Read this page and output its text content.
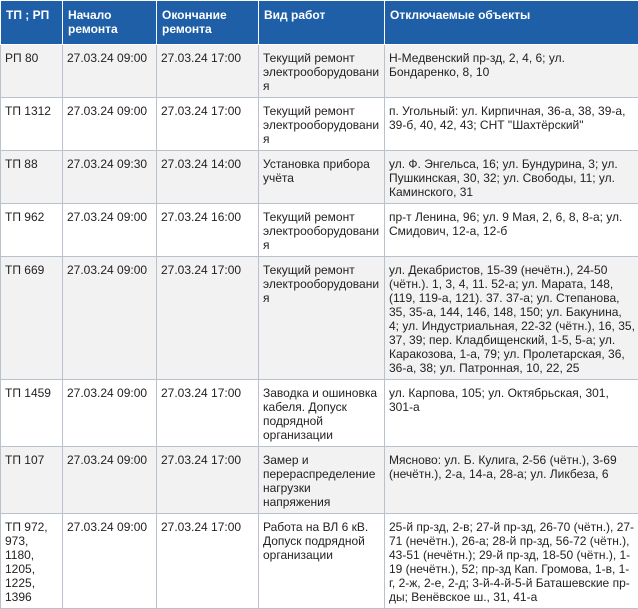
ТП ; РП	Начало ремонта	Окончание ремонта	Вид работ	Отключаемые объекты
РП 80	27.03.24 09:00	27.03.24 17:00	Текущий ремонт электрооборудования	Н-Медвенский пр-зд, 2, 4, 6; ул. Бондаренко, 8, 10
ТП 1312	27.03.24 09:00	27.03.24 17:00	Текущий ремонт электрооборудования	п. Угольный: ул. Кирпичная, 36-а, 38, 39-а, 39-б, 40, 42, 43; СНТ "Шахтёрский"
ТП 88	27.03.24 09:30	27.03.24 14:00	Установка прибора учёта	ул. Ф. Энгельса, 16; ул. Бундурина, 3; ул. Пушкинская, 30, 32; ул. Свободы, 11; ул. Каминского, 31
ТП 962	27.03.24 09:00	27.03.24 16:00	Текущий ремонт электрооборудования	пр-т Ленина, 96; ул. 9 Мая, 2, 6, 8, 8-а; ул. Смидович, 12-а, 12-б
ТП 669	27.03.24 09:00	27.03.24 17:00	Текущий ремонт электрооборудования	ул. Декабристов, 15-39 (нечётн.), 24-50 (чётн.). 1, 3, 4, 11. 52-а; ул. Марата, 148, (119, 119-а, 121). 37. 37-а; ул. Степанова, 35, 35-а, 144, 146, 148, 150; ул. Бакунина, 4; ул. Индустриальная, 22-32 (чётн.), 16, 35, 37, 39; пер. Кладбищенский, 1-5, 5-а; ул. Каракозова, 1-а, 79; ул. Пролетарская, 36, 36-а, 38; ул. Патронная, 10, 22, 25
ТП 1459	27.03.24 09:00	27.03.24 17:00	Заводка и ошиновка кабеля. Допуск подрядной организации	ул. Карпова, 105; ул. Октябрьская, 301, 301-а
ТП 107	27.03.24 09:00	27.03.24 17:00	Замер и перераспределение нагрузки напряжения	Мясново: ул. Б. Кулига, 2-56 (чётн.), 3-69 (нечётн.), 2-а, 14-а, 28-а; ул. Ликбеза, 6
ТП 972, 973, 1180, 1205, 1225, 1396	27.03.24 09:00	27.03.24 17:00	Работа на ВЛ 6 кВ. Допуск подрядной организации	25-й пр-зд, 2-в; 27-й пр-зд, 26-70 (чётн.), 27-71 (нечётн.), 26-а; 28-й пр-зд, 56-72 (чётн.), 43-51 (нечётн.); 29-й пр-зд, 18-50 (чётн.), 1-19 (нечётн.), 52; пр-зд Кап. Громова, 1-в, 1-г, 2-ж, 2-е, 2-д; 3-й-4-й-5-й Баташевские пр-ды; Венёвское ш., 31, 41-а
